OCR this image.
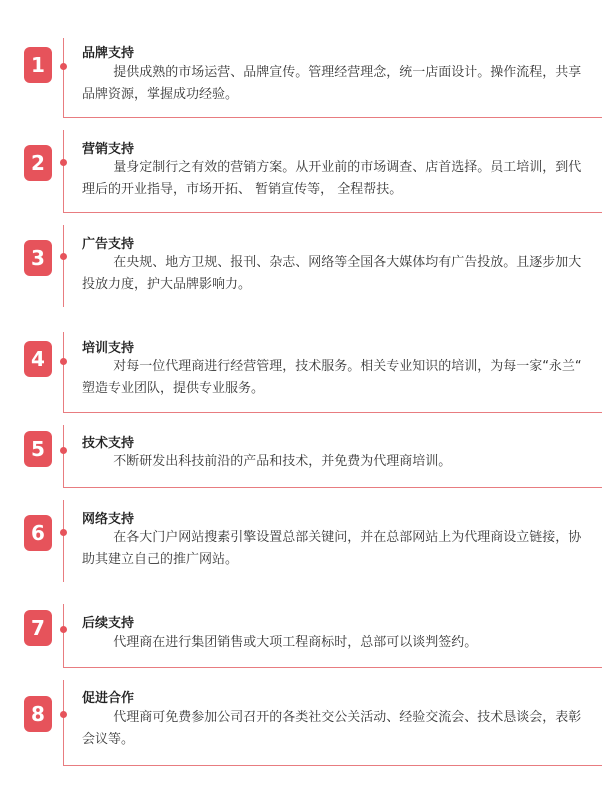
1	品牌支持
提供成熟的市场运营、品牌宣传。管理经营理念，统一店面设计。操作流程，共享品牌资源，掌握成功经验。
2
营销支持
量身定制行之有效的营销方案。从开业前的市场调查、店首选择。员工培训，到代理后的开业指导，市场开拓、 暂销宣传等， 全程帮扶。
3
广告支持
在央规、地方卫规、报刊、杂志、网络等全国各大媒体均有广告投放。且逐步加大投放力度，护大品牌影响力。
4	培训支持
对每一位代理商进行经营管理，技术服务。相关专业知识的培训，为每一家“永兰“ 塑造专业团队，提供专业服务。
5	技术支持
不断研发出科技前沿的产品和技术，并免费为代理商培训。
6
网络支持
在各大门户网站搜素引擎设置总部关键问，并在总部网站上为代理商设立链接，协助其建立自己的推广网站。
7	后续支持
代理商在进行集团销售或大项工程商标时，总部可以谈判签约。
8
促进合作
代理商可免费参加公司召开的各类社交公关活动、经验交流会、技术恳谈会，表彰会议等。
